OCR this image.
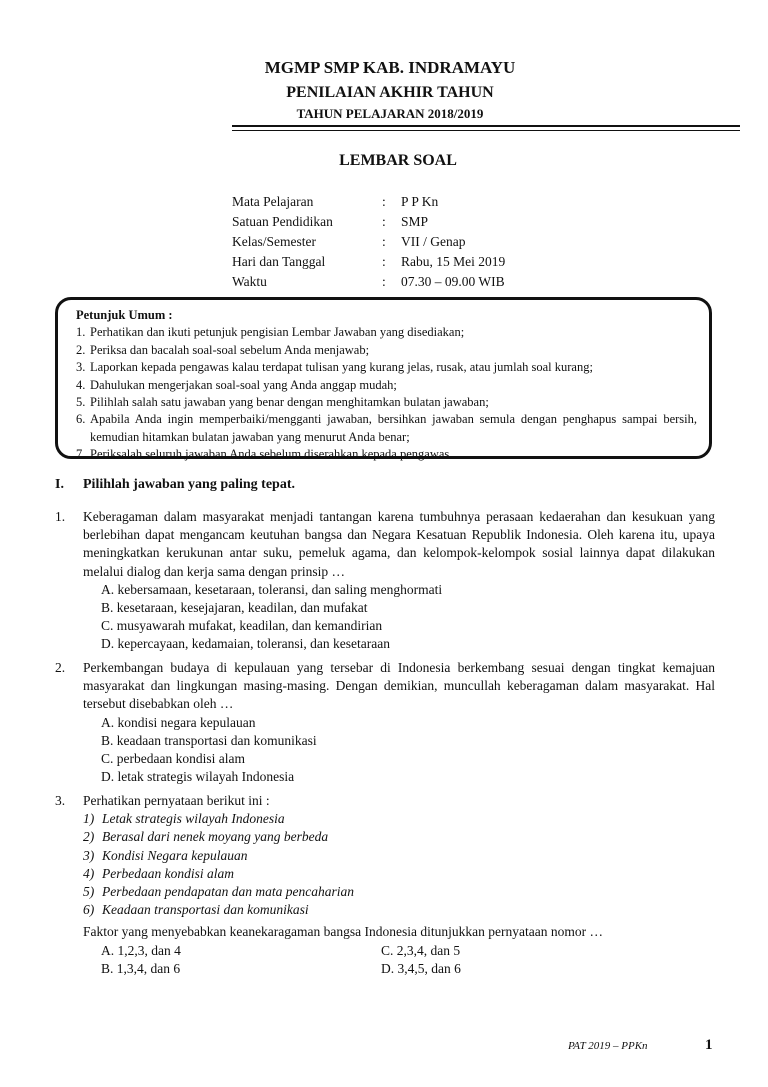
MGMP SMP KAB. INDRAMAYU
PENILAIAN AKHIR TAHUN
TAHUN PELAJARAN 2018/2019
LEMBAR SOAL
Mata Pelajaran	:	P P Kn
Satuan Pendidikan	:	SMP
Kelas/Semester	:	VII / Genap
Hari dan Tanggal	:	Rabu, 15 Mei 2019
Waktu	:	07.30 – 09.00 WIB
Petunjuk Umum :
1. Perhatikan dan ikuti petunjuk pengisian Lembar Jawaban yang disediakan;
2. Periksa dan bacalah soal-soal sebelum Anda menjawab;
3. Laporkan kepada pengawas kalau terdapat tulisan yang kurang jelas, rusak, atau jumlah soal kurang;
4. Dahulukan mengerjakan soal-soal yang Anda anggap mudah;
5. Pilihlah salah satu jawaban yang benar dengan menghitamkan bulatan jawaban;
6. Apabila Anda ingin memperbaiki/mengganti jawaban, bersihkan jawaban semula dengan penghapus sampai bersih, kemudian hitamkan bulatan jawaban yang menurut Anda benar;
7. Periksalah seluruh jawaban Anda sebelum diserahkan kepada pengawas.
I.	Pilihlah jawaban yang paling tepat.
1.	Keberagaman dalam masyarakat menjadi tantangan karena tumbuhnya perasaan kedaerahan dan kesukuan yang berlebihan dapat mengancam keutuhan bangsa dan Negara Kesatuan Republik Indonesia. Oleh karena itu, upaya meningkatkan kerukunan antar suku, pemeluk agama, dan kelompok-kelompok sosial lainnya dapat dilakukan melalui dialog dan kerja sama dengan prinsip …
A. kebersamaan, kesetaraan, toleransi, dan saling menghormati
B. kesetaraan, kesejajaran, keadilan, dan mufakat
C. musyawarah mufakat, keadilan, dan kemandirian
D. kepercayaan, kedamaian, toleransi, dan kesetaraan
2.	Perkembangan budaya di kepulauan yang tersebar di Indonesia berkembang sesuai dengan tingkat kemajuan masyarakat dan lingkungan masing-masing. Dengan demikian, muncullah keberagaman dalam masyarakat. Hal tersebut disebabkan oleh …
A. kondisi negara kepulauan
B. keadaan transportasi dan komunikasi
C. perbedaan kondisi alam
D. letak strategis wilayah Indonesia
3.	Perhatikan pernyataan berikut ini :
1) Letak strategis wilayah Indonesia
2) Berasal dari nenek moyang yang berbeda
3) Kondisi Negara kepulauan
4) Perbedaan kondisi alam
5) Perbedaan pendapatan dan mata pencaharian
6) Keadaan transportasi dan komunikasi
Faktor yang menyebabkan keanekaragaman bangsa Indonesia ditunjukkan pernyataan nomor …
A. 1,2,3, dan 4	C. 2,3,4, dan 5
B. 1,3,4, dan 6	D. 3,4,5, dan 6
PAT 2019 – PPKn	1
